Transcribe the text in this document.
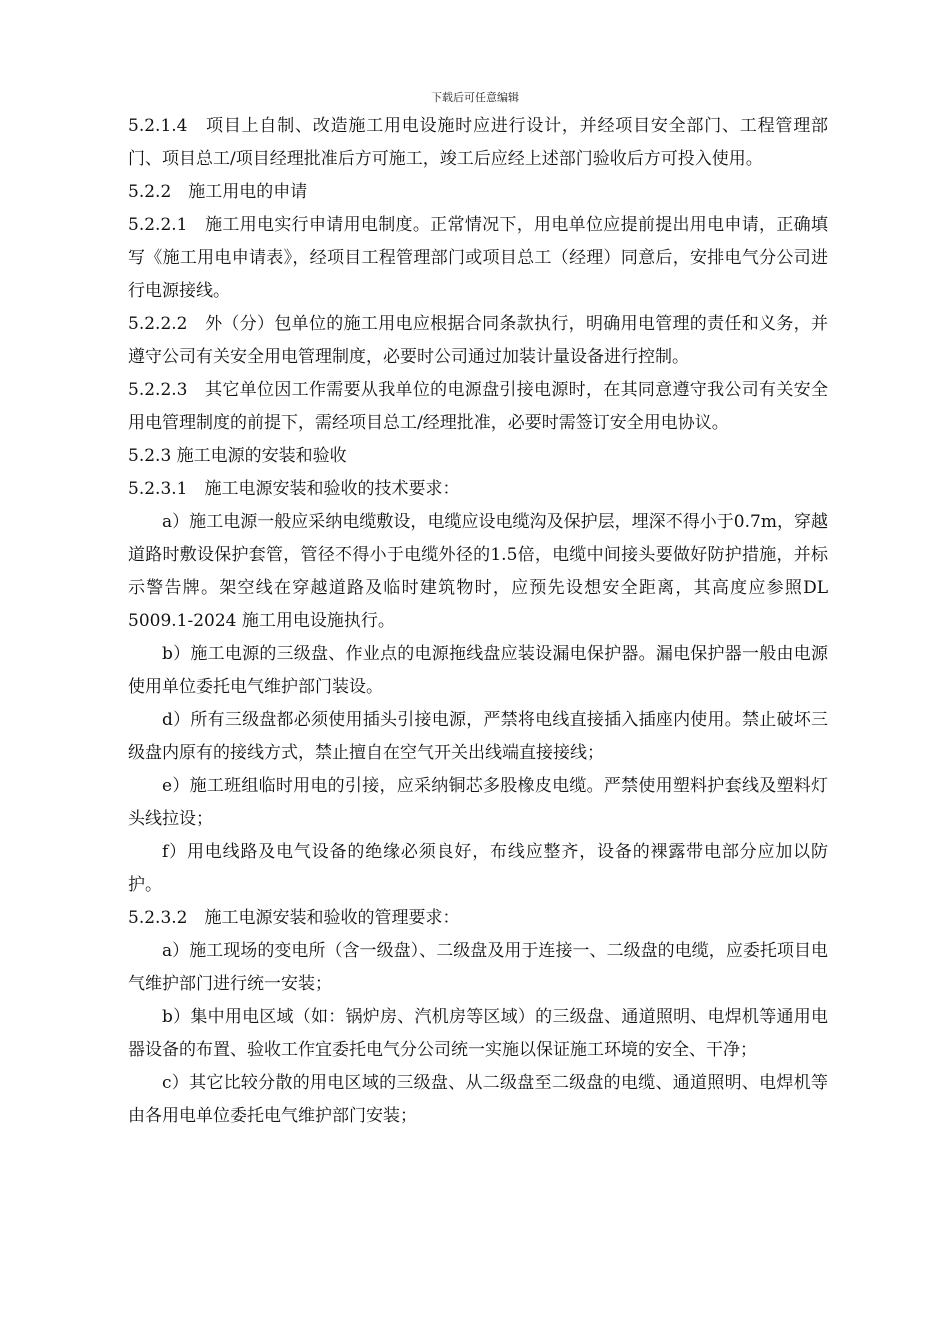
下载后可任意编辑

5.2.1.4　项目上自制、改造施工用电设施时应进行设计，并经项目安全部门、工程管理部门、项目总工/项目经理批准后方可施工，竣工后应经上述部门验收后方可投入使用。

5.2.2　施工用电的申请

5.2.2.1　施工用电实行申请用电制度。正常情况下，用电单位应提前提出用电申请，正确填写《施工用电申请表》，经项目工程管理部门或项目总工（经理）同意后，安排电气分公司进行电源接线。

5.2.2.2　外（分）包单位的施工用电应根据合同条款执行，明确用电管理的责任和义务，并遵守公司有关安全用电管理制度，必要时公司通过加装计量设备进行控制。

5.2.2.3　其它单位因工作需要从我单位的电源盘引接电源时，在其同意遵守我公司有关安全用电管理制度的前提下，需经项目总工/经理批准，必要时需签订安全用电协议。

5.2.3 施工电源的安装和验收

5.2.3.1　施工电源安装和验收的技术要求：

a）施工电源一般应采纳电缆敷设，电缆应设电缆沟及保护层，埋深不得小于0.7m，穿越道路时敷设保护套管，管径不得小于电缆外径的1.5倍，电缆中间接头要做好防护措施，并标示警告牌。架空线在穿越道路及临时建筑物时，应预先设想安全距离，其高度应参照DL 5009.1-2024 施工用电设施执行。

b）施工电源的三级盘、作业点的电源拖线盘应装设漏电保护器。漏电保护器一般由电源使用单位委托电气维护部门装设。

d）所有三级盘都必须使用插头引接电源，严禁将电线直接插入插座内使用。禁止破坏三级盘内原有的接线方式，禁止擅自在空气开关出线端直接接线；

e）施工班组临时用电的引接，应采纳铜芯多股橡皮电缆。严禁使用塑料护套线及塑料灯头线拉设；

f）用电线路及电气设备的绝缘必须良好，布线应整齐，设备的裸露带电部分应加以防护。

5.2.3.2　施工电源安装和验收的管理要求：

a）施工现场的变电所（含一级盘）、二级盘及用于连接一、二级盘的电缆，应委托项目电气维护部门进行统一安装；

b）集中用电区域（如：锅炉房、汽机房等区域）的三级盘、通道照明、电焊机等通用电器设备的布置、验收工作宜委托电气分公司统一实施以保证施工环境的安全、干净；

c）其它比较分散的用电区域的三级盘、从二级盘至二级盘的电缆、通道照明、电焊机等由各用电单位委托电气维护部门安装；
